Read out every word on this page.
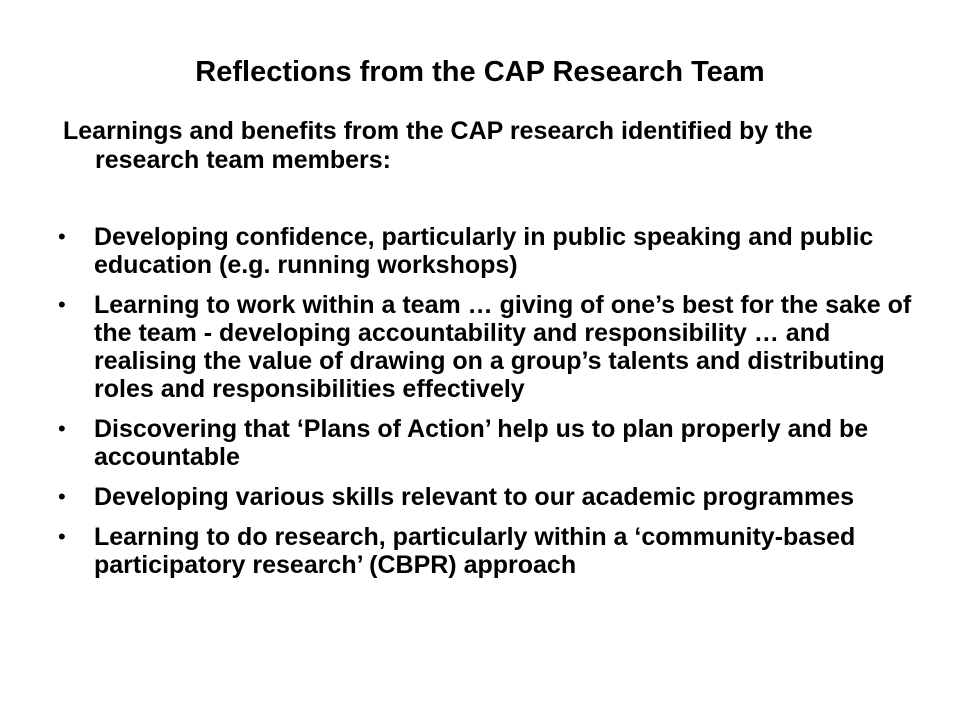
Reflections from the CAP Research Team

Learnings and benefits from the CAP research identified by the research team members:

• Developing confidence, particularly in public speaking and public education (e.g. running workshops)
• Learning to work within a team … giving of one’s best for the sake of the team - developing accountability and responsibility … and realising the value of drawing on a group’s talents and distributing roles and responsibilities effectively
• Discovering that ‘Plans of Action’ help us to plan properly and be accountable
• Developing various skills relevant to our academic programmes
• Learning to do research, particularly within a ‘community-based participatory research’ (CBPR) approach
